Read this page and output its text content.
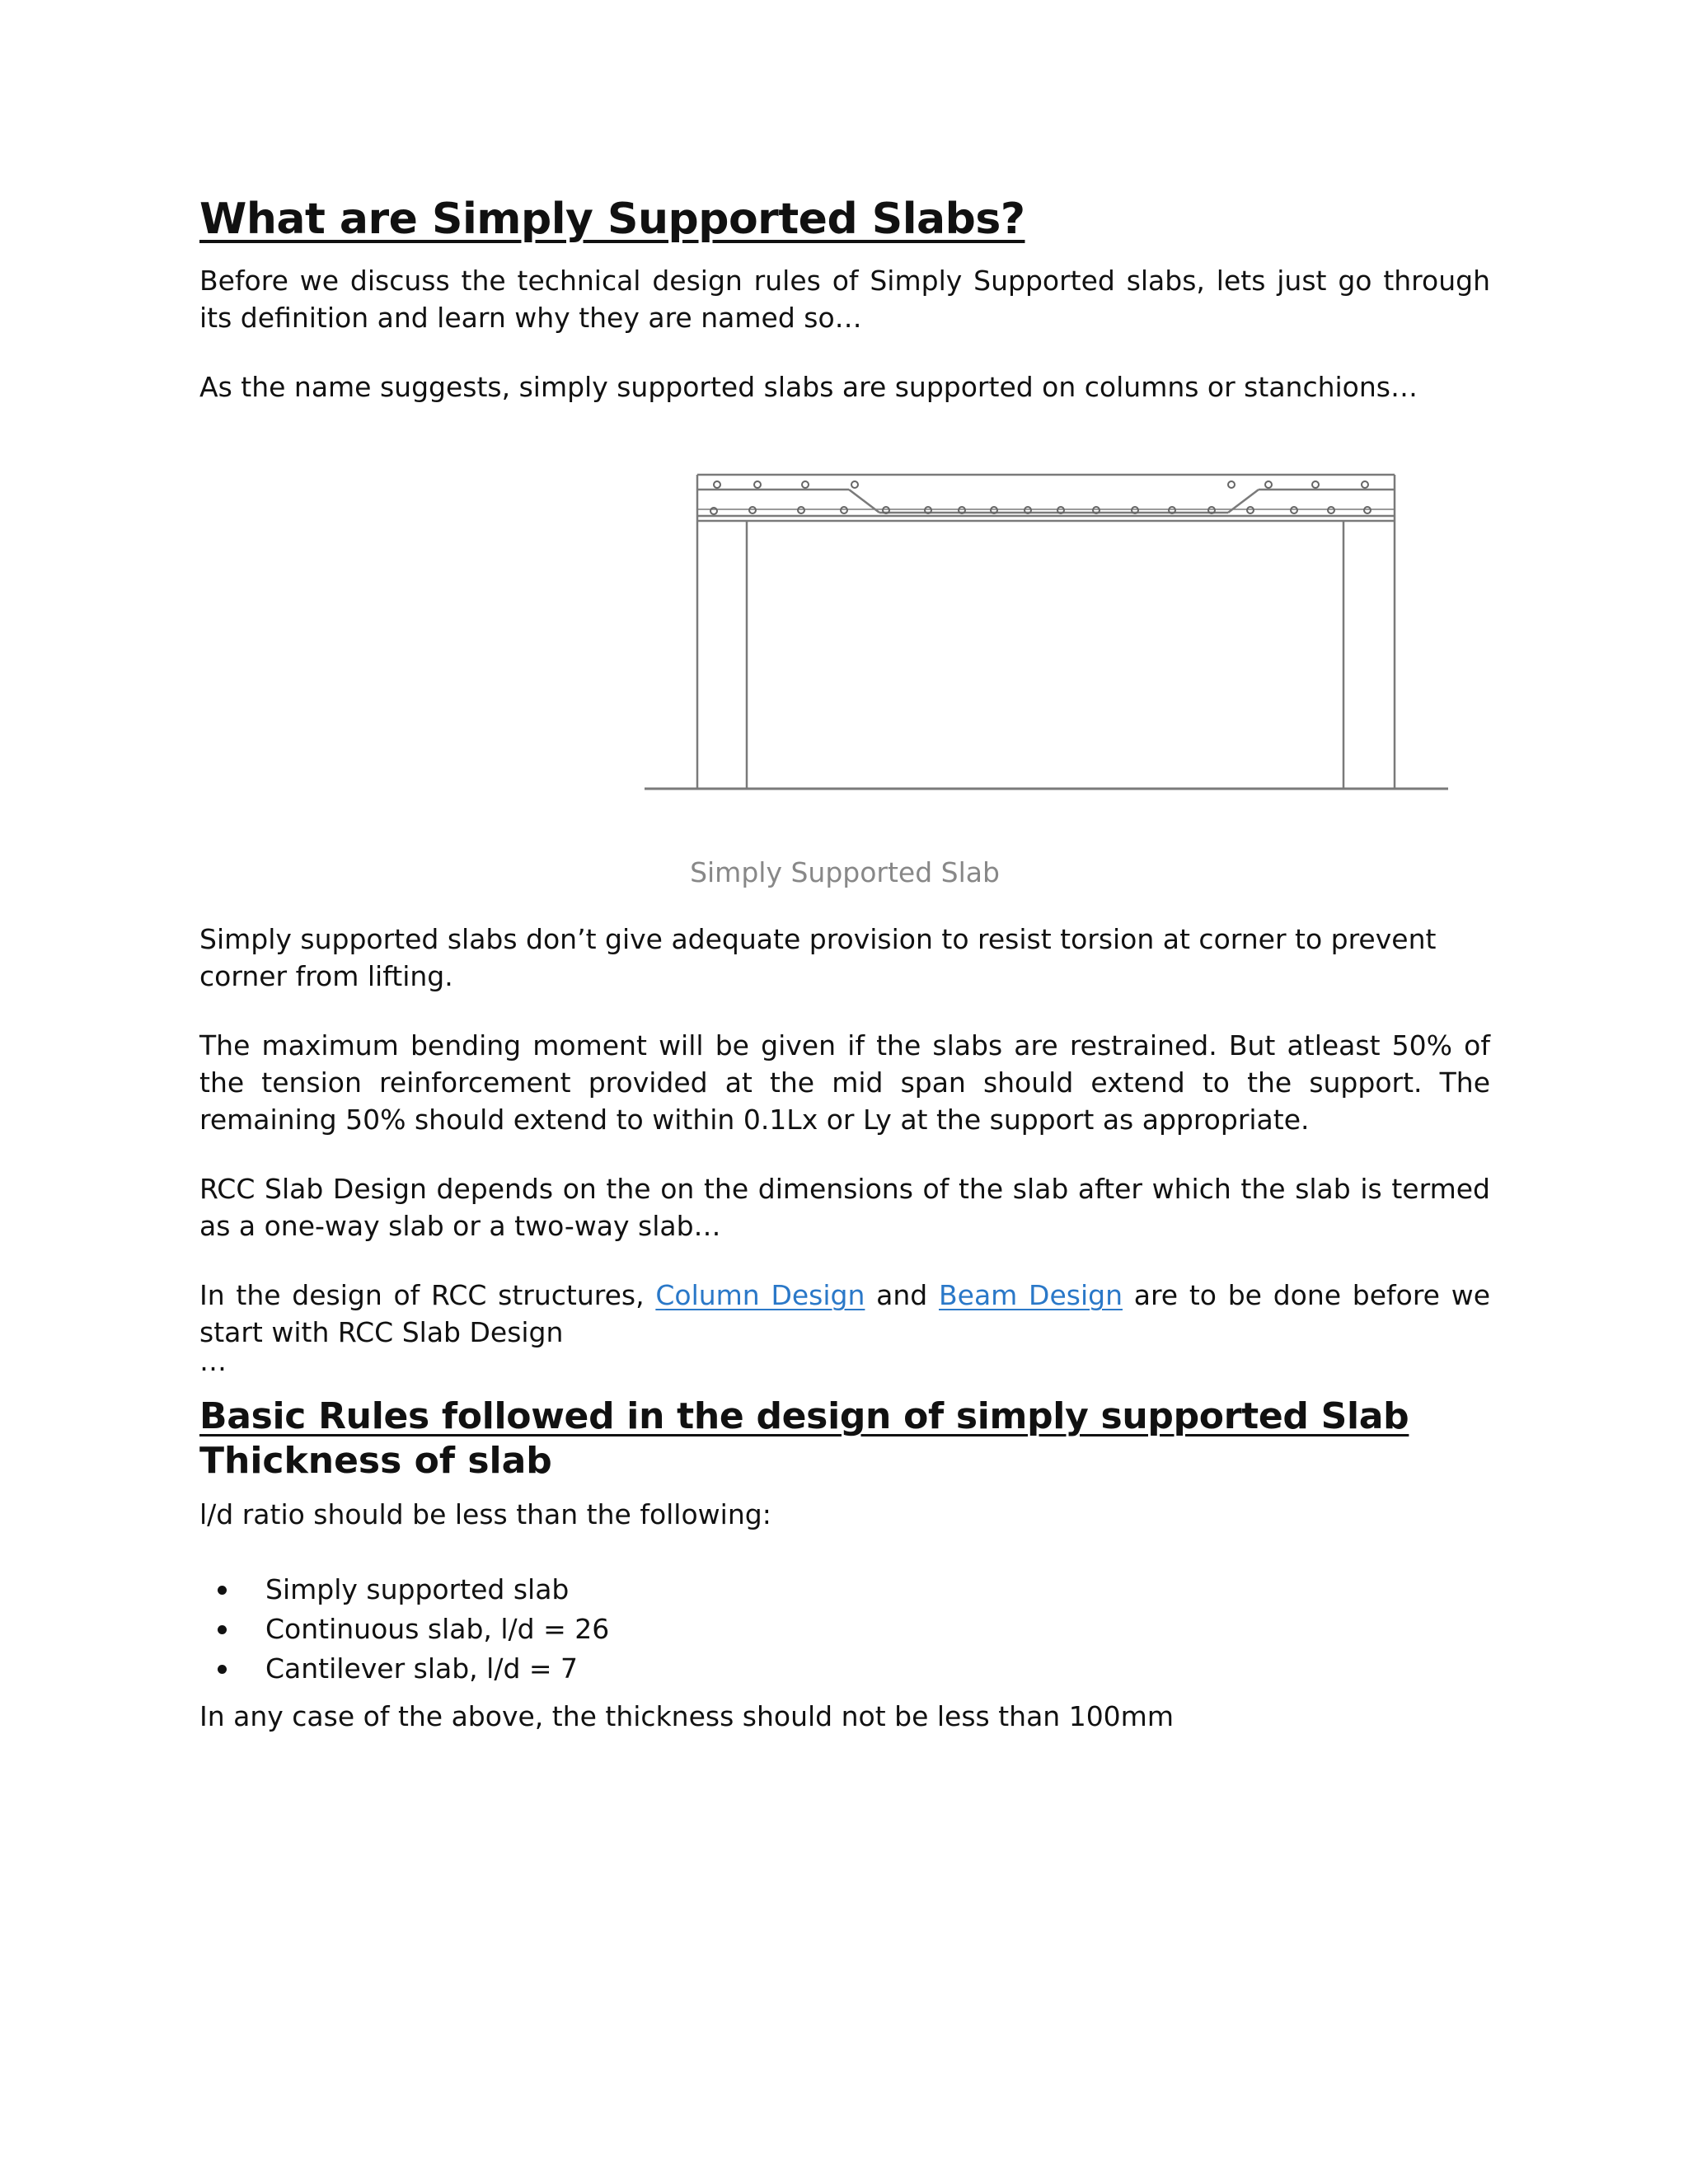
What are Simply Supported Slabs?

Before we discuss the technical design rules of Simply Supported slabs, lets just go through its definition and learn why they are named so…

As the name suggests, simply supported slabs are supported on columns or stanchions…

Simply Supported Slab

Simply supported slabs don’t give adequate provision to resist torsion at corner to prevent corner from lifting.

The maximum bending moment will be given if the slabs are restrained. But atleast 50% of the tension reinforcement provided at the mid span should extend to the support. The remaining 50% should extend to within 0.1Lx or Ly at the support as appropriate.

RCC Slab Design depends on the on the dimensions of the slab after which the slab is termed as a one-way slab or a two-way slab…

In the design of RCC structures, Column Design and Beam Design are to be done before we start with RCC Slab Design

…

Basic Rules followed in the design of simply supported Slab
Thickness of slab

l/d ratio should be less than the following:

Simply supported slab
Continuous slab, l/d = 26
Cantilever slab, l/d = 7

In any case of the above, the thickness should not be less than 100mm
